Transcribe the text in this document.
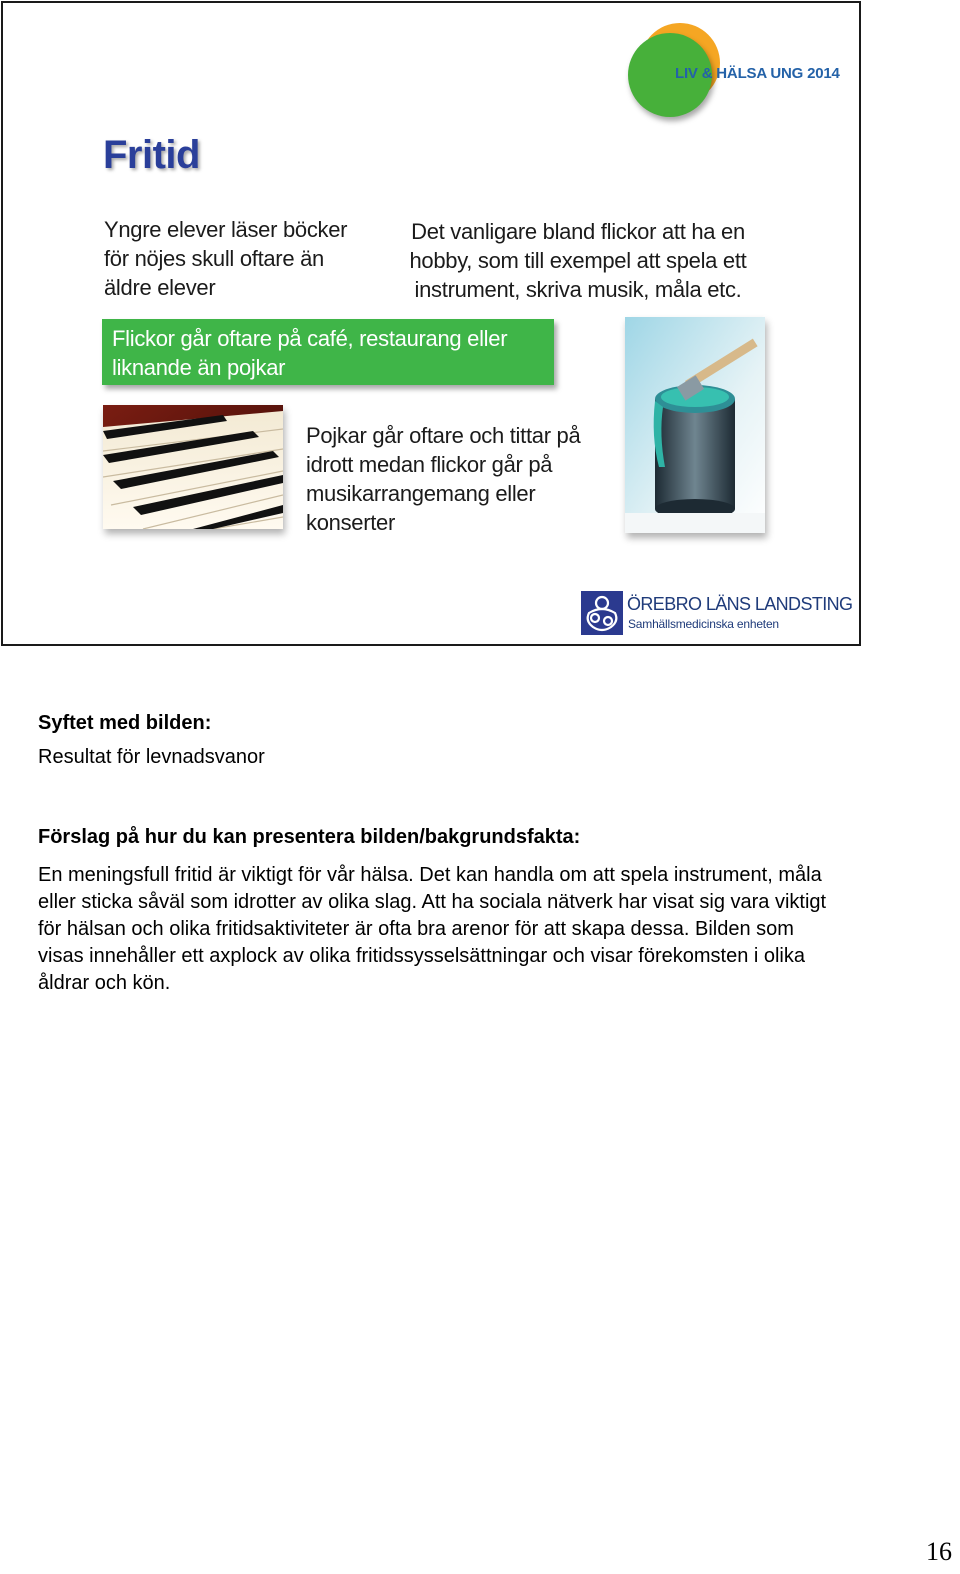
LIV & HÄLSA UNG 2014
Fritid
Yngre elever läser böcker för nöjes skull oftare än äldre elever
Det vanligare bland flickor att ha en hobby, som till exempel att spela ett instrument, skriva musik, måla etc.
Flickor går oftare på café, restaurang eller liknande än pojkar
Pojkar går oftare och tittar på idrott medan flickor går på musikarrangemang eller konserter
ÖREBRO LÄNS LANDSTING
Samhällsmedicinska enheten

Syftet med bilden:

Resultat för levnadsvanor

Förslag på hur du kan presentera bilden/bakgrundsfakta:

En meningsfull fritid är viktigt för vår hälsa. Det kan handla om att spela instrument, måla eller sticka såväl som idrotter av olika slag. Att ha sociala nätverk har visat sig vara viktigt för hälsan och olika fritidsaktiviteter är ofta bra arenor för att skapa dessa. Bilden som visas innehåller ett axplock av olika fritidssysselsättningar och visar förekomsten i olika åldrar och kön.

16
